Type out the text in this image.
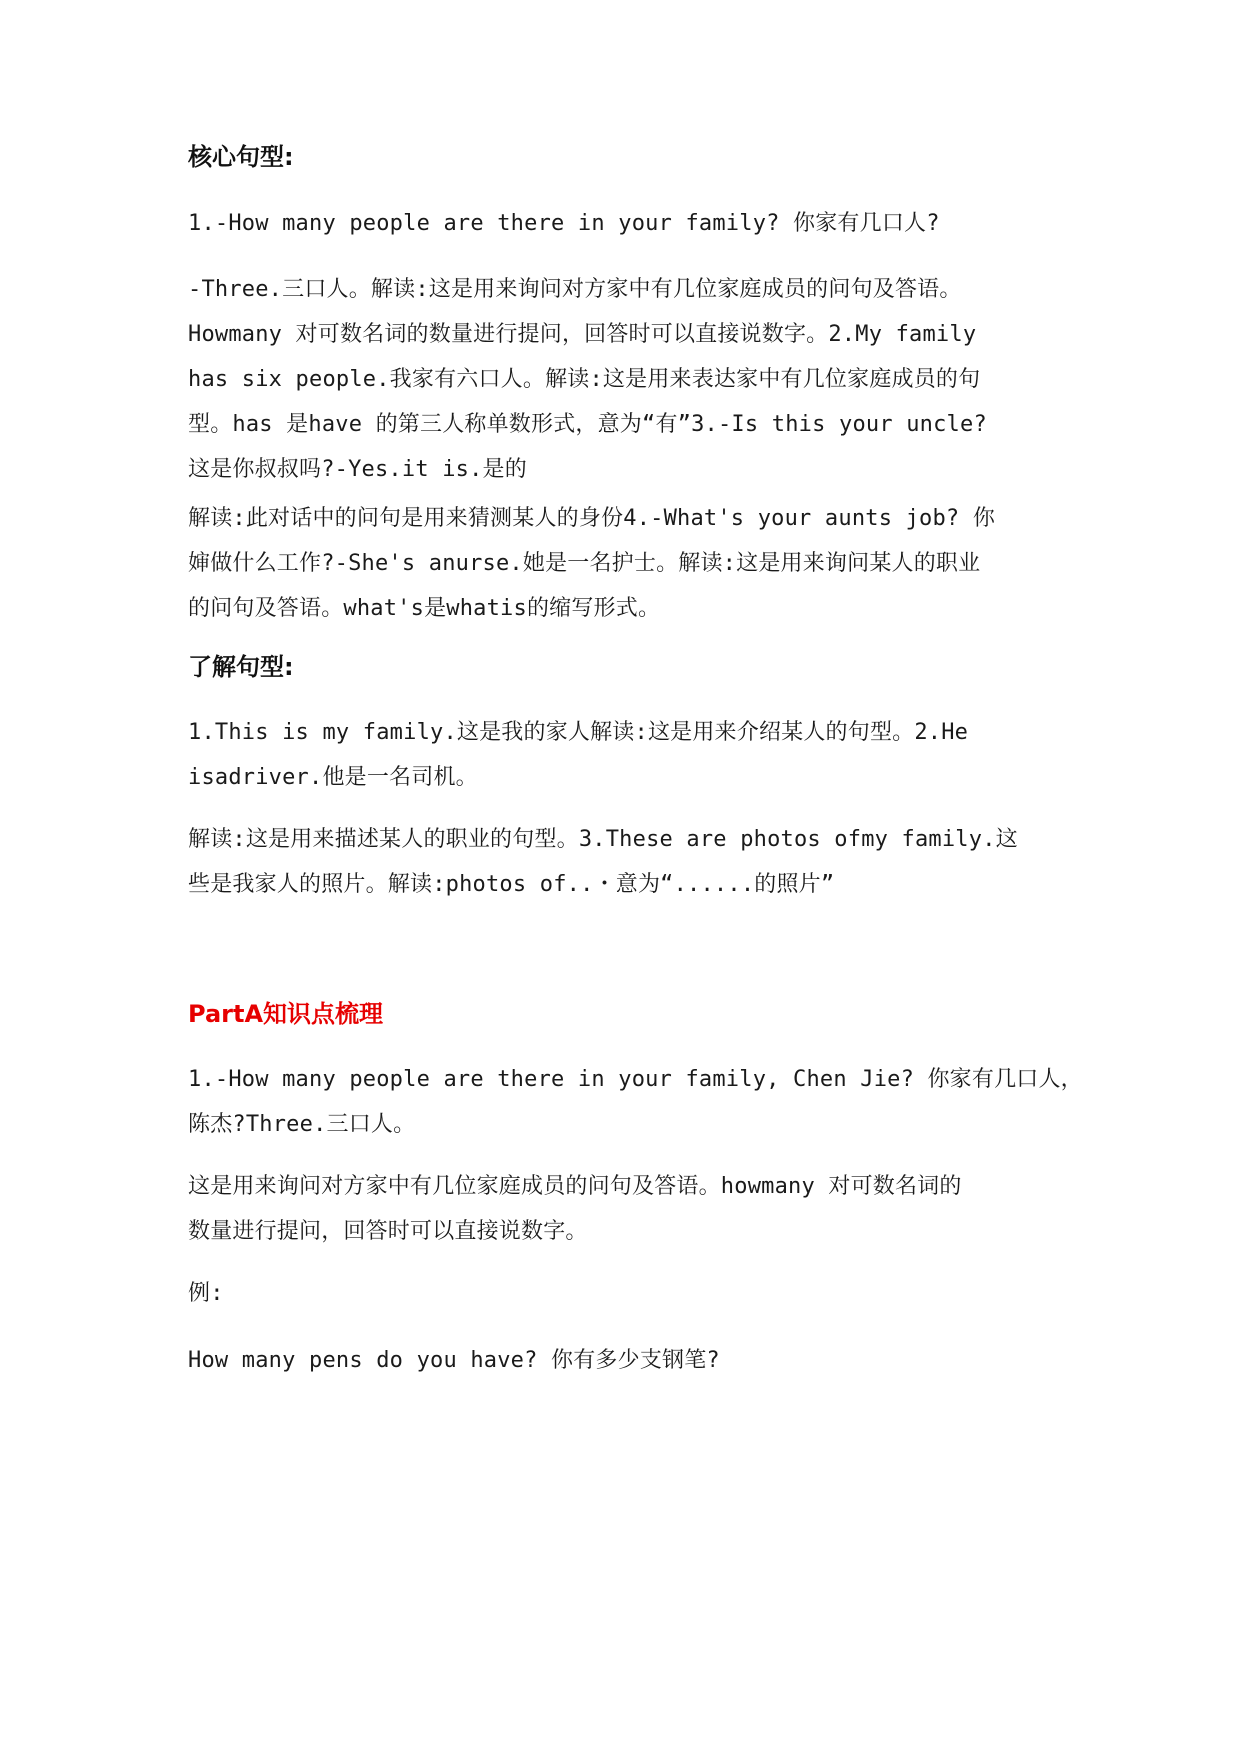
核心句型:
1.-How many people are there in your family? 你家有几口人?
-Three.三口人。解读:这是用来询问对方家中有几位家庭成员的问句及答语。
Howmany 对可数名词的数量进行提问，回答时可以直接说数字。2.My family
has six people.我家有六口人。解读:这是用来表达家中有几位家庭成员的句
型。has 是have 的第三人称单数形式，意为“有”3.-Is this your uncle?
这是你叔叔吗?-Yes.it is.是的
解读:此对话中的问句是用来猜测某人的身份4.-What's your aunts job? 你
婶做什么工作?-She's anurse.她是一名护士。解读:这是用来询问某人的职业
的问句及答语。what's是whatis的缩写形式。
了解句型:
1.This is my family.这是我的家人解读:这是用来介绍某人的句型。2.He
isadriver.他是一名司机。
解读:这是用来描述某人的职业的句型。3.These are photos ofmy family.这
些是我家人的照片。解读:photos of..・意为“......的照片”
PartA知识点梳理
1.-How many people are there in your family, Chen Jie? 你家有几口人，
陈杰?Three.三口人。
这是用来询问对方家中有几位家庭成员的问句及答语。howmany 对可数名词的
数量进行提问，回答时可以直接说数字。
例:
How many pens do you have? 你有多少支钢笔?
